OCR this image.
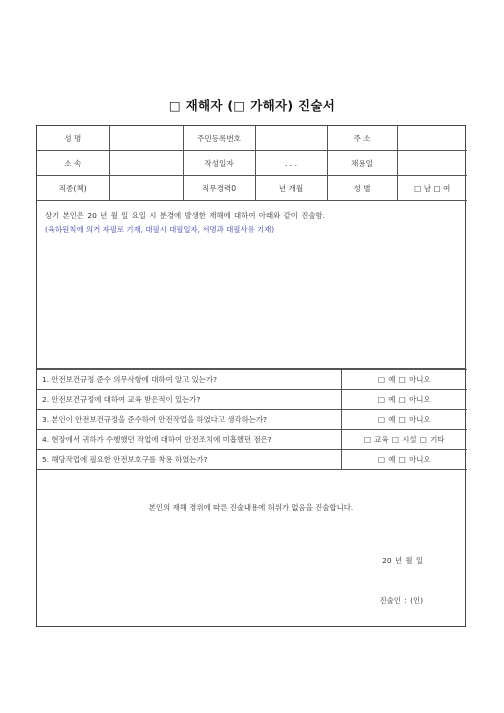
□ 재해자 (□ 가해자) 진술서
성 명		주민등록번호		주 소	
소 속		작성일자	. . .	채용일	
직종(책)		직무경력0	년 개월	성 별	□ 남 □ 여
상기 본인은 20 년 월 일 요일 시 분경에 발생한 재해에 대하여 아래와 같이 진술함.
(육하원칙에 의거 자필로 기재, 대필시 대필일자, 서명과 대필사유 기재)
1. 안전보건규정 준수 의무사항에 대하여 알고 있는가?	□ 예 □ 아니오
2. 안전보건규정에 대하여 교육 받은적이 있는가?	□ 예 □ 아니오
3. 본인이 안전보건규정을 준수하여 안전작업을 하였다고 생각하는가?	□ 예 □ 아니오
4. 현장에서 귀하가 수행했던 작업에 대하여 안전조치에 미흡했던 점은?	□ 교육 □ 시설 □ 기타
5. 해당작업에 필요한 안전보호구를 착용 하였는가?	□ 예 □ 아니오
본인의 재해 경위에 따른 진술내용에 허위가 없음을 진술합니다.
20 년 월 일
진술인 : (인)
